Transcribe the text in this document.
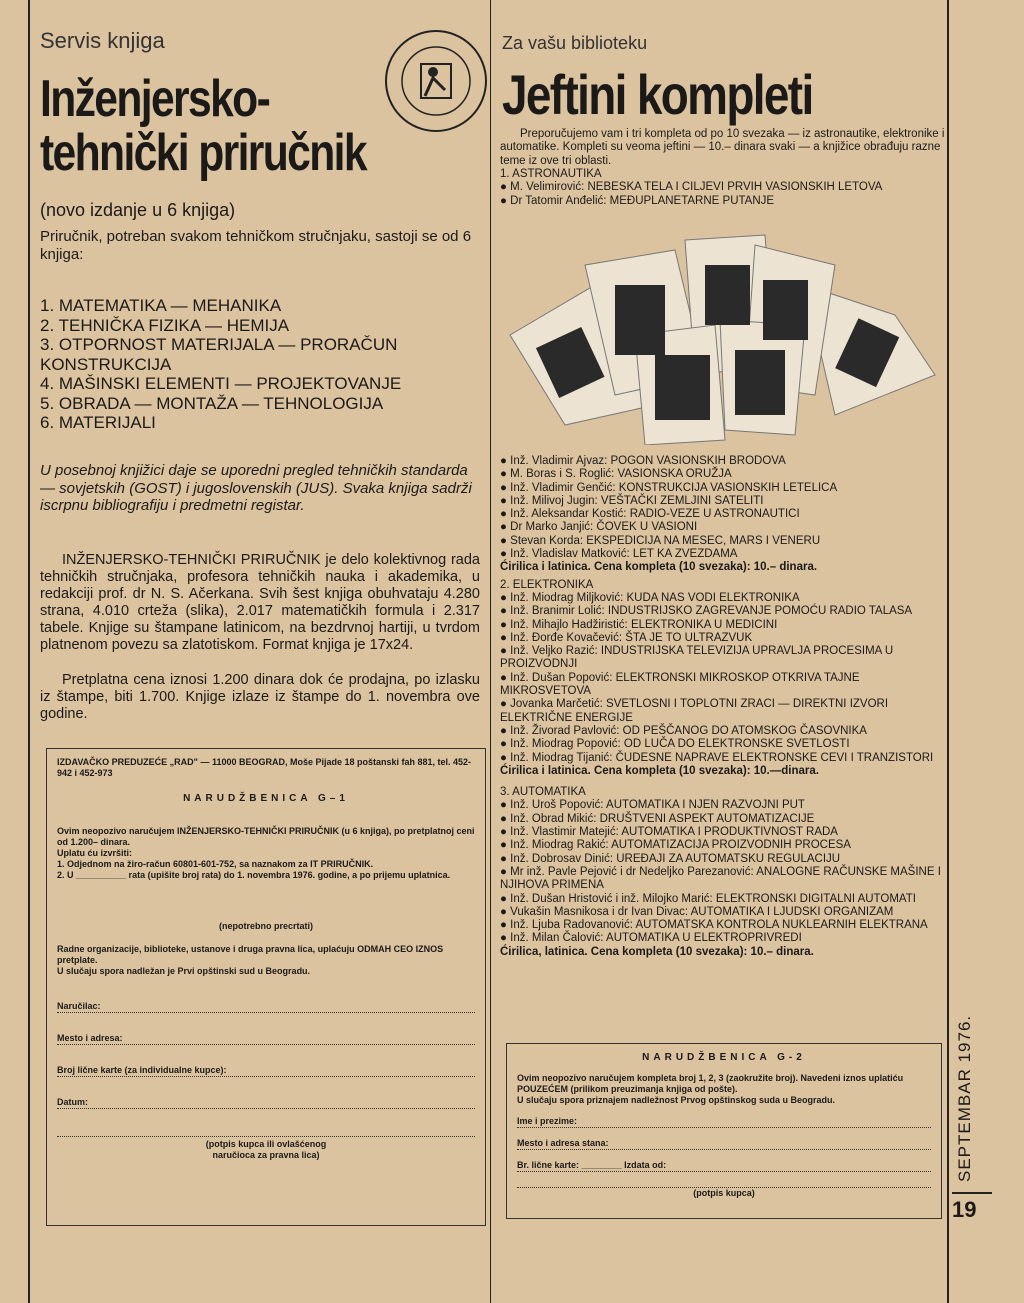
Servis knjiga
Inženjersko-
tehnički priručnik
(novo izdanje u 6 knjiga)
Priručnik, potreban svakom tehničkom stručnjaku, sastoji se od 6 knjiga:
1. MATEMATIKA — MEHANIKA
2. TEHNIČKA FIZIKA — HEMIJA
3. OTPORNOST MATERIJALA — PRORAČUN KONSTRUKCIJA
4. MAŠINSKI ELEMENTI — PROJEKTOVANJE
5. OBRADA — MONTAŽA — TEHNOLOGIJA
6. MATERIJALI
U posebnoj knjižici daje se uporedni pregled tehničkih standarda — sovjetskih (GOST) i jugoslovenskih (JUS). Svaka knjiga sadrži iscrpnu bibliografiju i predmetni registar.
INŽENJERSKO-TEHNIČKI PRIRUČNIK je delo kolektivnog rada tehničkih stručnjaka, profesora tehničkih nauka i akademika, u redakciji prof. dr N. S. Ačerkana. Svih šest knjiga obuhvataju 4.280 strana, 4.010 crteža (slika), 2.017 matematičkih formula i 2.317 tabele. Knjige su štampane latinicom, na bezdrvnoj hartiji, u tvrdom platnenom povezu sa zlatotiskom. Format knjiga je 17x24.
Pretplatna cena iznosi 1.200 dinara dok će prodajna, po izlasku iz štampe, biti 1.700. Knjige izlaze iz štampe do 1. novembra ove godine.
IZDAVAČKO PREDUZEĆE „RAD" — 11000 BEOGRAD, Moše Pijade 18 poštanski fah 881, tel. 452-942 i 452-973
NARUDŽBENICA G–1
Ovim neopozivo naručujem INŽENJERSKO-TEHNIČKI PRIRUČNIK (u 6 knjiga), po pretplatnoj ceni od 1.200– dinara.
Uplatu ću izvršiti:
1. Odjednom na žiro-račun 60801-601-752, sa naznakom za IT PRIRUČNIK.
2. U __________ rata (upišite broj rata) do 1. novembra 1976. godine, a po prijemu uplatnica.
(nepotrebno precrtati)
Radne organizacije, biblioteke, ustanove i druga pravna lica, uplaćuju ODMAH CEO IZNOS pretplate.
U slučaju spora nadležan je Prvi opštinski sud u Beogradu.
Naručilac:
Mesto i adresa:
Broj lične karte (za individualne kupce):
Datum:
(potpis kupca ili ovlašćenog naručioca za pravna lica)
Za vašu biblioteku
Jeftini kompleti
Preporučujemo vam i tri kompleta od po 10 svezaka — iz astronautike, elektronike i automatike. Kompleti su veoma jeftini — 10.– dinara svaki — a knjižice obrađuju razne teme iz ove tri oblasti.
1. ASTRONAUTIKA
● M. Velimirović: NEBESKA TELA I CILJEVI PRVIH VASIONSKIH LETOVA
● Dr Tatomir Anđelić: MEĐUPLANETARNE PUTANJE
● Inž. Vladimir Ajvaz: POGON VASIONSKIH BRODOVA
● M. Boras i S. Roglić: VASIONSKA ORUŽJA
● Inž. Vladimir Genčić: KONSTRUKCIJA VASIONSKIH LETELICA
● Inž. Milivoj Jugin: VEŠTAČKI ZEMLJINI SATELITI
● Inž. Aleksandar Kostić: RADIO-VEZE U ASTRONAUTICI
● Dr Marko Janjić: ČOVEK U VASIONI
● Stevan Korda: EKSPEDICIJA NA MESEC, MARS I VENERU
● Inž. Vladislav Matković: LET KA ZVEZDAMA
Ćirilica i latinica. Cena kompleta (10 svezaka): 10.– dinara.
2. ELEKTRONIKA
● Inž. Miodrag Miljković: KUDA NAS VODI ELEKTRONIKA
● Inž. Branimir Lolić: INDUSTRIJSKO ZAGREVANJE POMOĆU RADIO TALASA
● Inž. Mihajlo Hadžiristić: ELEKTRONIKA U MEDICINI
● Inž. Đorđe Kovačević: ŠTA JE TO ULTRAZVUK
● Inž. Veljko Razić: INDUSTRIJSKA TELEVIZIJA UPRAVLJA PROCESIMA U PROIZVODNJI
● Inž. Dušan Popović: ELEKTRONSKI MIKROSKOP OTKRIVA TAJNE MIKROSVETOVA
● Jovanka Marčetić: SVETLOSNI I TOPLOTNI ZRACI — DIREKTNI IZVORI ELEKTRIČNE ENERGIJE
● Inž. Živorad Pavlović: OD PEŠČANOG DO ATOMSKOG ČASOVNIKA
● Inž. Miodrag Popović: OD LUČA DO ELEKTRONSKE SVETLOSTI
● Inž. Miodrag Tijanić: ČUDESNE NAPRAVE ELEKTRONSKE CEVI I TRANZISTORI
Ćirilica i latinica. Cena kompleta (10 svezaka): 10.—dinara.
3. AUTOMATIKA
● Inž. Uroš Popović: AUTOMATIKA I NJEN RAZVOJNI PUT
● Inž. Obrad Mikić: DRUŠTVENI ASPEKT AUTOMATIZACIJE
● Inž. Vlastimir Matejić: AUTOMATIKA I PRODUKTIVNOST RADA
● Inž. Miodrag Rakić: AUTOMATIZACIJA PROIZVODNIH PROCESA
● Inž. Dobrosav Dinić: UREĐAJI ZA AUTOMATSKU REGULACIJU
● Mr inž. Pavle Pejović i dr Nedeljko Parezanović: ANALOGNE RAČUNSKE MAŠINE I NJIHOVA PRIMENA
● Inž. Dušan Hristović i inž. Milojko Marić: ELEKTRONSKI DIGITALNI AUTOMATI
● Vukašin Masnikosa i dr Ivan Divac: AUTOMATIKA I LJUDSKI ORGANIZAM
● Inž. Ljuba Radovanović: AUTOMATSKA KONTROLA NUKLEARNIH ELEKTRANA
● Inž. Milan Čalović: AUTOMATIKA U ELEKTROPRIVREDI
Ćirilica, latinica. Cena kompleta (10 svezaka): 10.– dinara.
NARUDŽBENICA G-2
Ovim neopozivo naručujem kompleta broj 1, 2, 3 (zaokružite broj). Navedeni iznos uplatiću POUZEĆEM (prilikom preuzimanja knjiga od pošte).
U slučaju spora priznajem nadležnost Prvog opštinskog suda u Beogradu.
Ime i prezime:
Mesto i adresa stana:
Br. lične karte: ________ Izdata od:
(potpis kupca)
SEPTEMBAR 1976.
19
